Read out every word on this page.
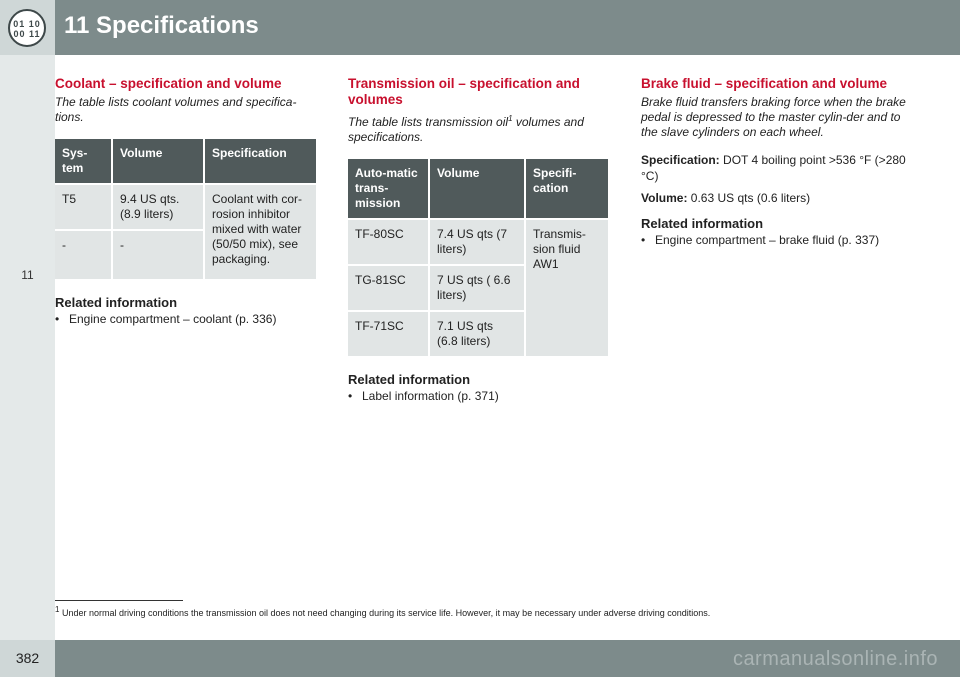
01 10
00 11 11 Specifications
11
Coolant – specification and volume

The table lists coolant volumes and specifica-tions.

Sys-tem	Volume	Specification
T5	9.4 US qts. (8.9 liters)	Coolant with cor-rosion inhibitor mixed with water (50/50 mix), see packaging.
-	-	
Related information
• Engine compartment – coolant (p. 336)
Transmission oil – specification and volumes

The table lists transmission oil$^1$ volumes and specifications.

Auto-matic trans-mission	Volume	Specifi-cation
TF-80SC	7.4 US qts (7 liters)	Transmis-sion fluid AW1
TG-81SC	7 US qts ( 6.6 liters)	
TF-71SC	7.1 US qts (6.8 liters)	
Related information
• Label information (p. 371)
Brake fluid – specification and volume

Brake fluid transfers braking force when the brake pedal is depressed to the master cylin-der and to the slave cylinders on each wheel.

Specification: DOT 4 boiling point >536 °F (>280 °C)

Volume: 0.63 US qts (0.6 liters)

Related information
• Engine compartment – brake fluid (p. 337)
$^1$ Under normal driving conditions the transmission oil does not need changing during its service life. However, it may be necessary under adverse driving conditions.
382	carmanualsonline.info
